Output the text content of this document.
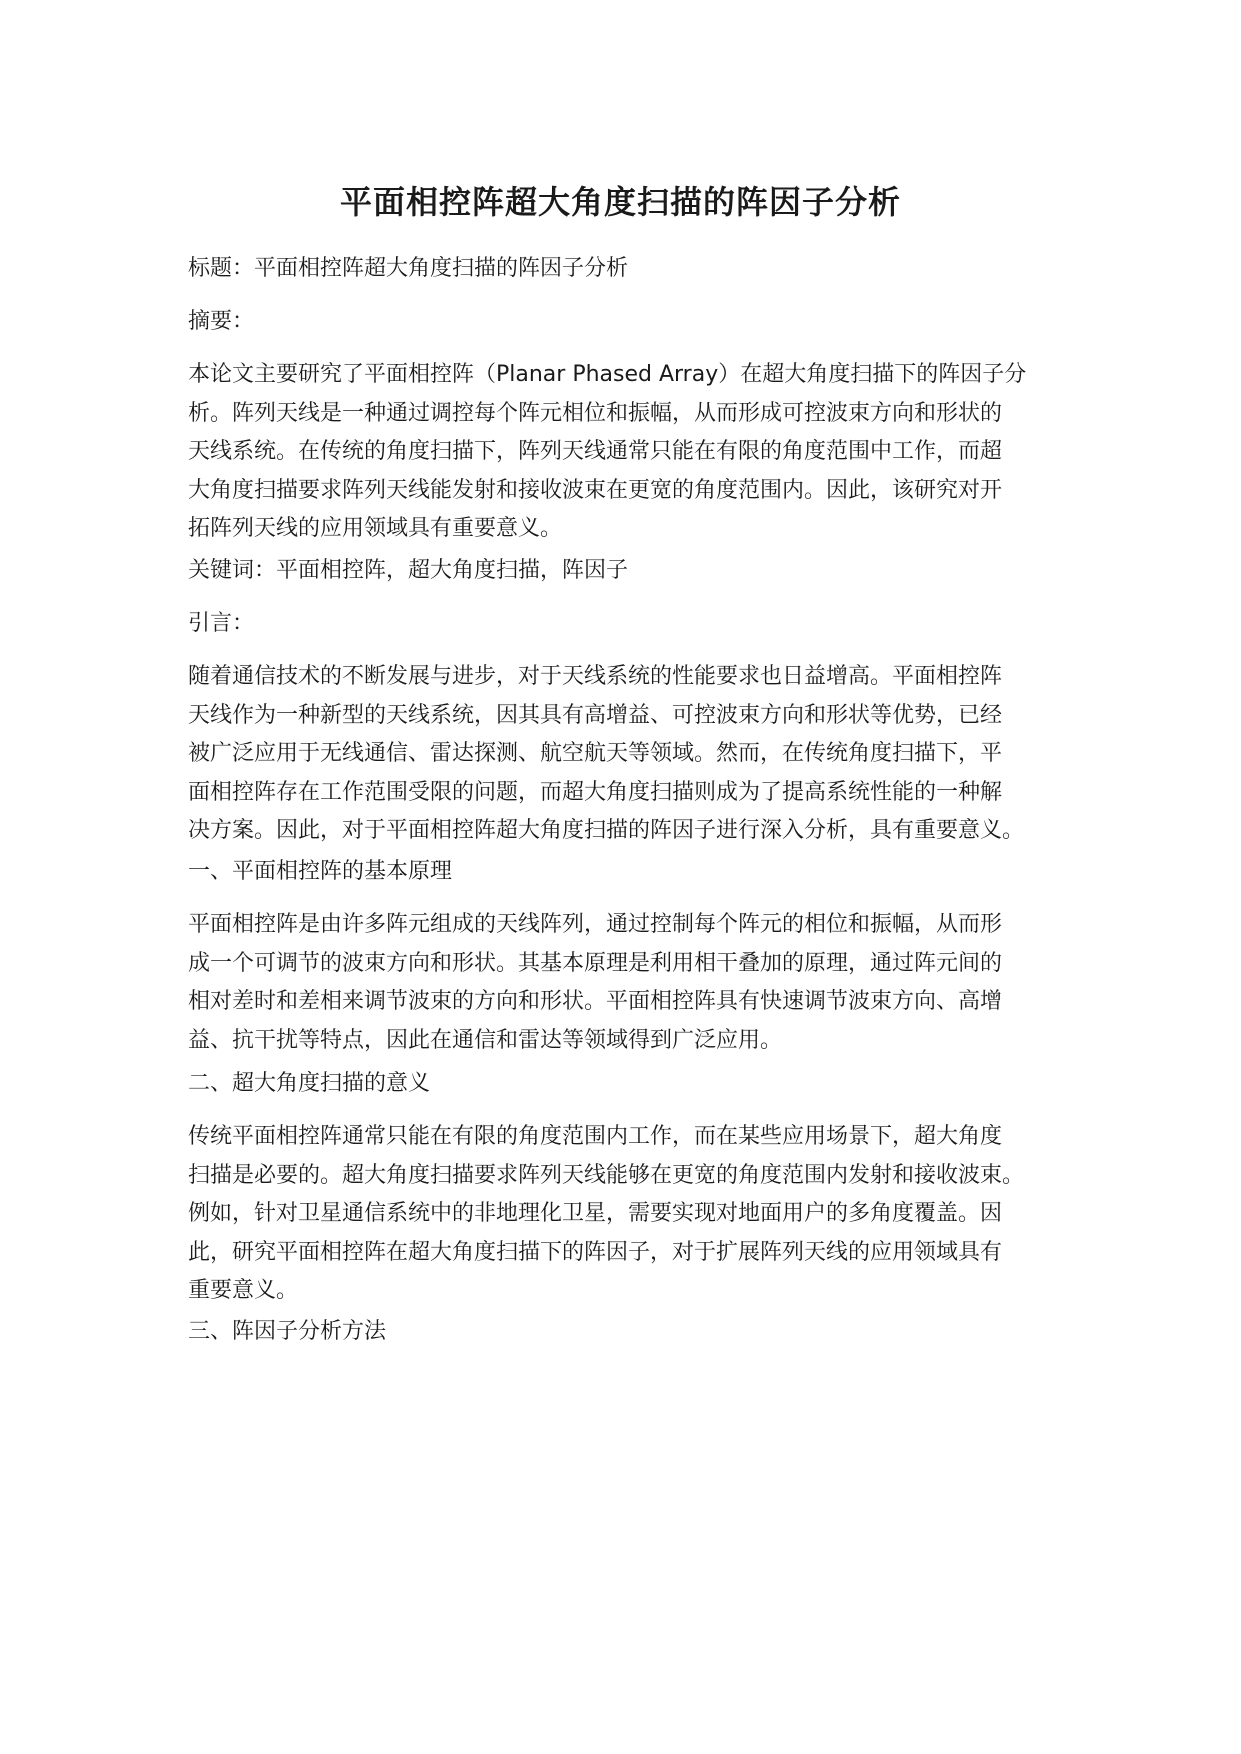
平面相控阵超大角度扫描的阵因子分析

标题：平面相控阵超大角度扫描的阵因子分析

摘要：

本论文主要研究了平面相控阵（Planar Phased Array）在超大角度扫描下的阵因子分
析。阵列天线是一种通过调控每个阵元相位和振幅，从而形成可控波束方向和形状的
天线系统。在传统的角度扫描下，阵列天线通常只能在有限的角度范围中工作，而超
大角度扫描要求阵列天线能发射和接收波束在更宽的角度范围内。因此，该研究对开
拓阵列天线的应用领域具有重要意义。

关键词：平面相控阵，超大角度扫描，阵因子

引言：

随着通信技术的不断发展与进步，对于天线系统的性能要求也日益增高。平面相控阵
天线作为一种新型的天线系统，因其具有高增益、可控波束方向和形状等优势，已经
被广泛应用于无线通信、雷达探测、航空航天等领域。然而，在传统角度扫描下，平
面相控阵存在工作范围受限的问题，而超大角度扫描则成为了提高系统性能的一种解
决方案。因此，对于平面相控阵超大角度扫描的阵因子进行深入分析，具有重要意义。

一、平面相控阵的基本原理

平面相控阵是由许多阵元组成的天线阵列，通过控制每个阵元的相位和振幅，从而形
成一个可调节的波束方向和形状。其基本原理是利用相干叠加的原理，通过阵元间的
相对差时和差相来调节波束的方向和形状。平面相控阵具有快速调节波束方向、高增
益、抗干扰等特点，因此在通信和雷达等领域得到广泛应用。

二、超大角度扫描的意义

传统平面相控阵通常只能在有限的角度范围内工作，而在某些应用场景下，超大角度
扫描是必要的。超大角度扫描要求阵列天线能够在更宽的角度范围内发射和接收波束。
例如，针对卫星通信系统中的非地理化卫星，需要实现对地面用户的多角度覆盖。因
此，研究平面相控阵在超大角度扫描下的阵因子，对于扩展阵列天线的应用领域具有
重要意义。

三、阵因子分析方法
